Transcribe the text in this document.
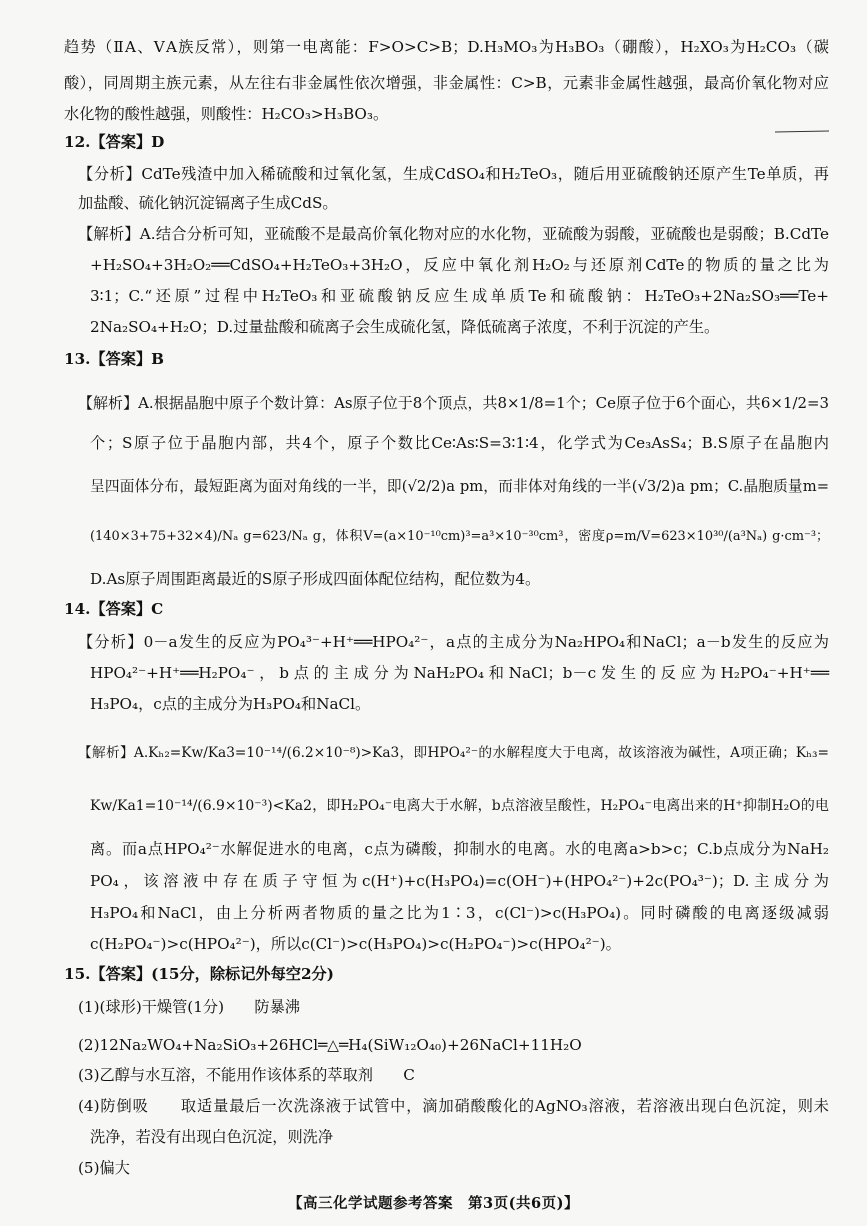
趋势（ⅡA、ⅤA族反常），则第一电离能：F>O>C>B；D.H₃MO₃为H₃BO₃（硼酸），H₂XO₃为H₂CO₃（碳
酸），同周期主族元素，从左往右非金属性依次增强，非金属性：C>B，元素非金属性越强，最高价氧化物对应
水化物的酸性越强，则酸性：H₂CO₃>H₃BO₃。
12.【答案】D
【分析】CdTe残渣中加入稀硫酸和过氧化氢，生成CdSO₄和H₂TeO₃，随后用亚硫酸钠还原产生Te单质，再
加盐酸、硫化钠沉淀镉离子生成CdS。
【解析】A.结合分析可知，亚硫酸不是最高价氧化物对应的水化物，亚硫酸为弱酸，亚硫酸也是弱酸；B.CdTe
+H₂SO₄+3H₂O₂══CdSO₄+H₂TeO₃+3H₂O，反应中氧化剂H₂O₂与还原剂CdTe的物质的量之比为
3∶1；C.“还原”过程中H₂TeO₃和亚硫酸钠反应生成单质Te和硫酸钠：H₂TeO₃+2Na₂SO₃══Te+
2Na₂SO₄+H₂O；D.过量盐酸和硫离子会生成硫化氢，降低硫离子浓度，不利于沉淀的产生。
13.【答案】B
【解析】A.根据晶胞中原子个数计算：As原子位于8个顶点，共8×1/8=1个；Ce原子位于6个面心，共6×1/2=3
个；S原子位于晶胞内部，共4个，原子个数比Ce∶As∶S=3∶1∶4，化学式为Ce₃AsS₄；B.S原子在晶胞内
呈四面体分布，最短距离为面对角线的一半，即(√2/2)a pm，而非体对角线的一半(√3/2)a pm；C.晶胞质量m=
(140×3+75+32×4)/Nₐ g=623/Nₐ g，体积V=(a×10⁻¹⁰cm)³=a³×10⁻³⁰cm³，密度ρ=m/V=623×10³⁰/(a³Nₐ) g·cm⁻³；
D.As原子周围距离最近的S原子形成四面体配位结构，配位数为4。
14.【答案】C
【分析】0－a发生的反应为PO₄³⁻+H⁺══HPO₄²⁻，a点的主成分为Na₂HPO₄和NaCl；a－b发生的反应为
HPO₄²⁻+H⁺══H₂PO₄⁻，b点的主成分为NaH₂PO₄和NaCl；b－c发生的反应为H₂PO₄⁻+H⁺══
H₃PO₄，c点的主成分为H₃PO₄和NaCl。
【解析】A.Kₕ₂=Kw/Ka3=10⁻¹⁴/(6.2×10⁻⁸)>Ka3，即HPO₄²⁻的水解程度大于电离，故该溶液为碱性，A项正确；Kₕ₃=
Kw/Ka1=10⁻¹⁴/(6.9×10⁻³)<Ka2，即H₂PO₄⁻电离大于水解，b点溶液呈酸性，H₂PO₄⁻电离出来的H⁺抑制H₂O的电
离。而a点HPO₄²⁻水解促进水的电离，c点为磷酸，抑制水的电离。水的电离a>b>c；C.b点成分为NaH₂
PO₄，该溶液中存在质子守恒为c(H⁺)+c(H₃PO₄)=c(OH⁻)+(HPO₄²⁻)+2c(PO₄³⁻)；D.主成分为
H₃PO₄和NaCl，由上分析两者物质的量之比为1∶3，c(Cl⁻)>c(H₃PO₄)。同时磷酸的电离逐级减弱
c(H₂PO₄⁻)>c(HPO₄²⁻)，所以c(Cl⁻)>c(H₃PO₄)>c(H₂PO₄⁻)>c(HPO₄²⁻)。
15.【答案】(15分，除标记外每空2分)
(1)(球形)干燥管(1分)　　防暴沸
(2)12Na₂WO₄+Na₂SiO₃+26HCl═△═H₄(SiW₁₂O₄₀)+26NaCl+11H₂O
(3)乙醇与水互溶，不能用作该体系的萃取剂　　C
(4)防倒吸　　取适量最后一次洗涤液于试管中，滴加硝酸酸化的AgNO₃溶液，若溶液出现白色沉淀，则未
洗净，若没有出现白色沉淀，则洗净
(5)偏大
【高三化学试题参考答案　第3页(共6页)】
